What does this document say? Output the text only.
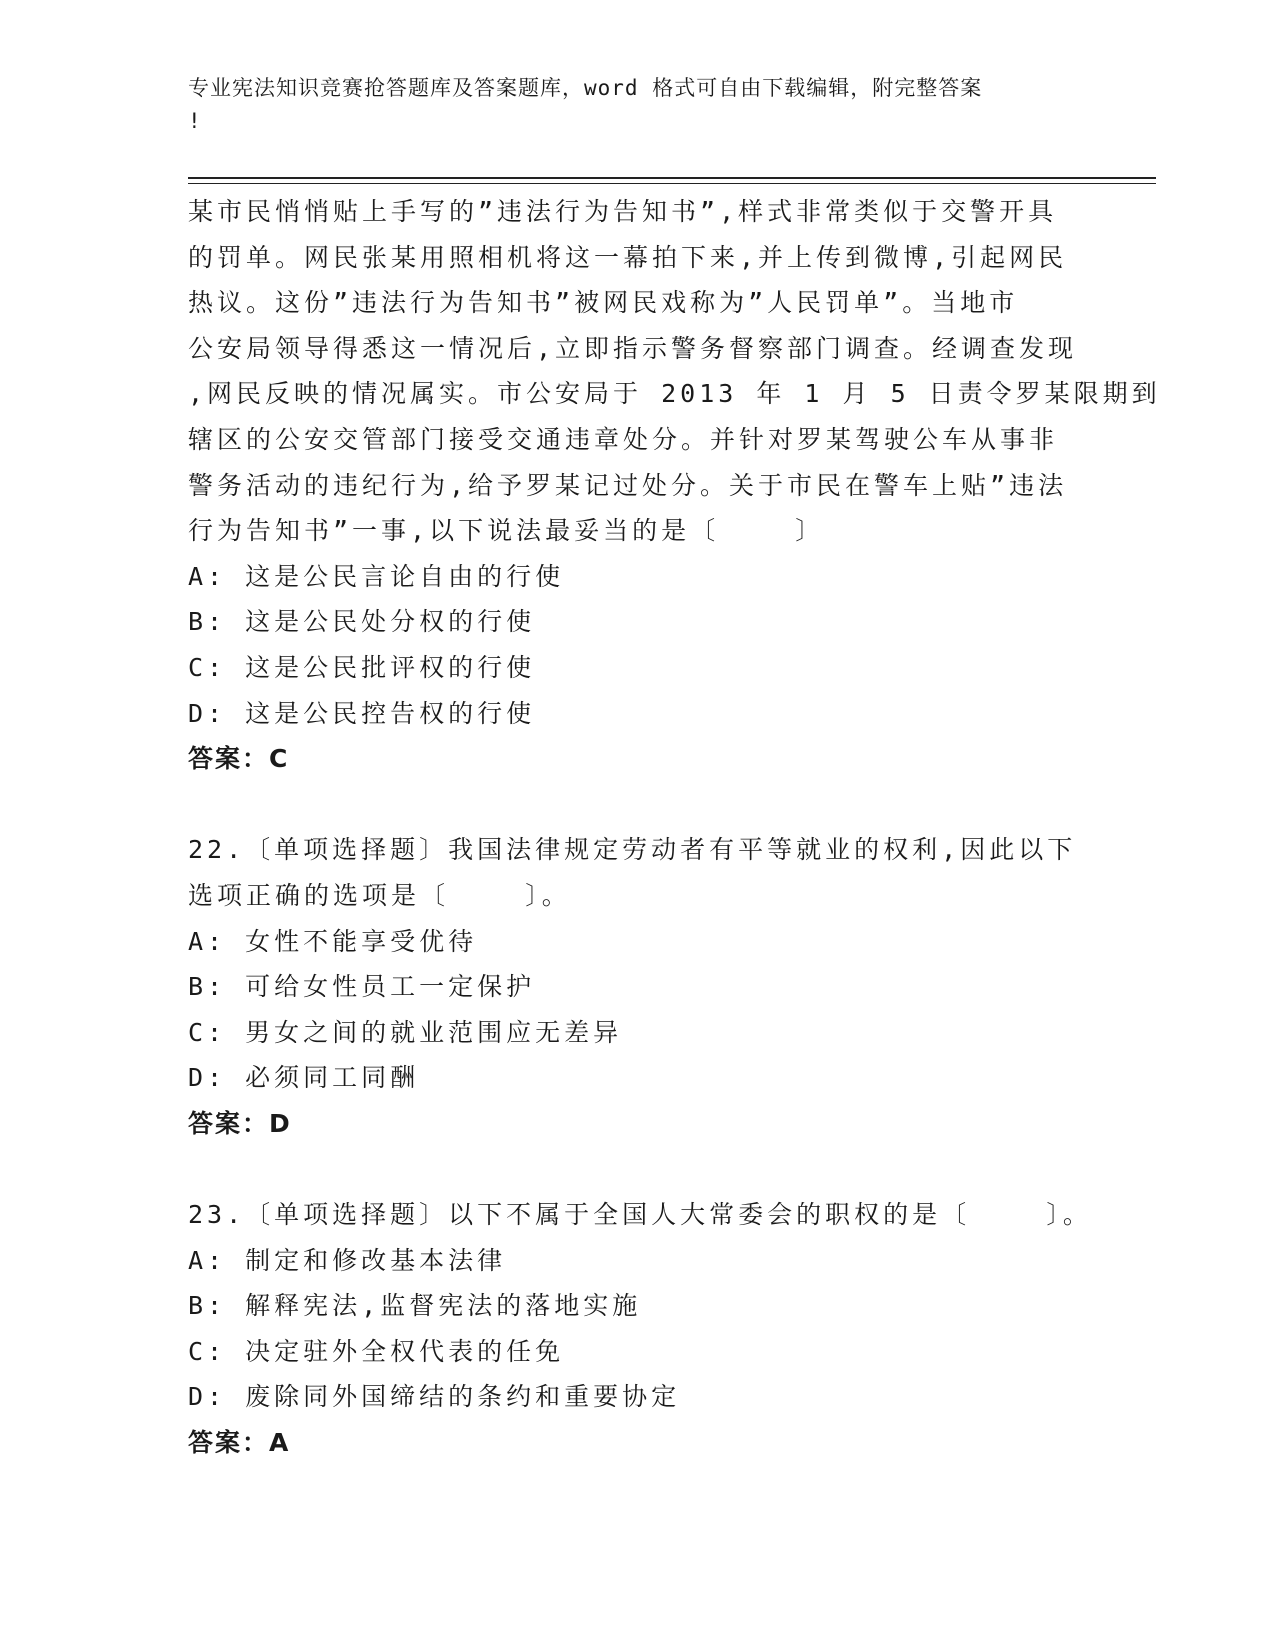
专业宪法知识竞赛抢答题库及答案题库，word 格式可自由下载编辑，附完整答案
!
某市民悄悄贴上手写的”违法行为告知书”,样式非常类似于交警开具
的罚单。网民张某用照相机将这一幕拍下来,并上传到微博,引起网民
热议。这份”违法行为告知书”被网民戏称为”人民罚单”。当地市
公安局领导得悉这一情况后,立即指示警务督察部门调查。经调查发现
,网民反映的情况属实。市公安局于 2013 年 1 月 5 日责令罗某限期到
辖区的公安交管部门接受交通违章处分。并针对罗某驾驶公车从事非
警务活动的违纪行为,给予罗某记过处分。关于市民在警车上贴”违法
行为告知书”一事,以下说法最妥当的是〔    〕
A: 这是公民言论自由的行使
B: 这是公民处分权的行使
C: 这是公民批评权的行使
D: 这是公民控告权的行使
答案：C
22.〔单项选择题〕我国法律规定劳动者有平等就业的权利,因此以下
选项正确的选项是〔    〕。
A: 女性不能享受优待
B: 可给女性员工一定保护
C: 男女之间的就业范围应无差异
D: 必须同工同酬
答案：D
23.〔单项选择题〕以下不属于全国人大常委会的职权的是〔    〕。
A: 制定和修改基本法律
B: 解释宪法,监督宪法的落地实施
C: 决定驻外全权代表的任免
D: 废除同外国缔结的条约和重要协定
答案：A
